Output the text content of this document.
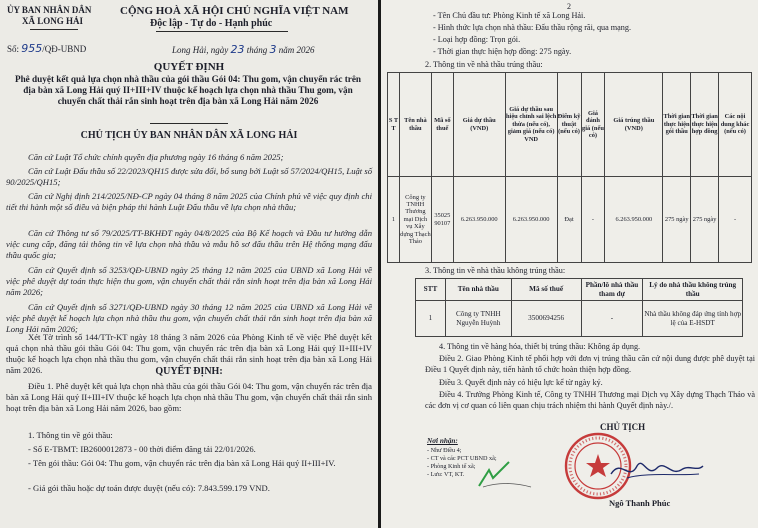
ỦY BAN NHÂN DÂN
XÃ LONG HẢI
CỘNG HOÀ XÃ HỘI CHỦ NGHĨA VIỆT NAM
Độc lập - Tự do - Hạnh phúc
Số: 955/QĐ-UBND	Long Hải, ngày 23 tháng 3 năm 2026
QUYẾT ĐỊNH
Phê duyệt kết quả lựa chọn nhà thầu của gói thầu Gói 04: Thu gom, vận chuyển rác trên địa bàn xã Long Hải quý II+III+IV thuộc kế hoạch lựa chọn nhà thầu Thu gom, vận chuyển chất thải rắn sinh hoạt trên địa bàn xã Long Hải năm 2026
CHỦ TỊCH ỦY BAN NHÂN DÂN XÃ LONG HẢI
Căn cứ Luật Tổ chức chính quyền địa phương ngày 16 tháng 6 năm 2025;
Căn cứ Luật Đấu thầu số 22/2023/QH15 được sửa đổi, bổ sung bởi Luật số 57/2024/QH15, Luật số 90/2025/QH15;
Căn cứ Nghị định 214/2025/NĐ-CP ngày 04 tháng 8 năm 2025 của Chính phủ về việc quy định chi tiết thi hành một số điều và biện pháp thi hành Luật Đấu thầu về lựa chọn nhà thầu;
Căn cứ Thông tư số 79/2025/TT-BKHĐT ngày 04/8/2025 của Bộ Kế hoạch và Đầu tư hướng dẫn việc cung cấp, đăng tải thông tin về lựa chọn nhà thầu và mẫu hồ sơ đấu thầu trên Hệ thống mạng đấu thầu quốc gia;
Căn cứ Quyết định số 3253/QĐ-UBND ngày 25 tháng 12 năm 2025 của UBND xã Long Hải về việc phê duyệt dự toán thực hiện thu gom, vận chuyển chất thải rắn sinh hoạt trên địa bàn xã Long Hải năm 2026;
Căn cứ Quyết định số 3271/QĐ-UBND ngày 30 tháng 12 năm 2025 của UBND xã Long Hải về việc phê duyệt kế hoạch lựa chọn nhà thầu thu gom, vận chuyển chất thải rắn sinh hoạt trên địa bàn xã Long Hải năm 2026;
Xét Tờ trình số 144/TTr-KT ngày 18 tháng 3 năm 2026 của Phòng Kinh tế về việc Phê duyệt kết quả chọn nhà thầu gói thầu Gói 04: Thu gom, vận chuyển rác trên địa bàn xã Long Hải quý II+III+IV thuộc kế hoạch lựa chọn nhà thầu thu gom, vận chuyển chất thải rắn sinh hoạt trên địa bàn xã Long Hải năm 2026.	QUYẾT ĐỊNH:
Điều 1. Phê duyệt kết quả lựa chọn nhà thầu của gói thầu Gói 04: Thu gom, vận chuyển rác trên địa bàn xã Long Hải quý II+III+IV thuộc kế hoạch lựa chọn nhà thầu Thu gom, vận chuyển chất thải rắn sinh hoạt trên địa bàn xã Long Hải năm 2026, bao gồm:
1. Thông tin về gói thầu:
- Số E-TBMT: IB2600012873 - 00 thời điểm đăng tải 22/01/2026.
- Tên gói thầu: Gói 04: Thu gom, vận chuyển rác trên địa bàn xã Long Hải quý II+III+IV.
- Giá gói thầu hoặc dự toán được duyệt (nếu có): 7.843.599.179 VND.
2
- Tên Chủ đầu tư: Phòng Kinh tế xã Long Hải.
- Hình thức lựa chọn nhà thầu: Đấu thầu rộng rãi, qua mạng.
- Loại hợp đồng: Trọn gói.
- Thời gian thực hiện hợp đồng: 275 ngày.
2. Thông tin về nhà thầu trúng thầu:
S T T	Tên nhà thầu	Mã số thuế	Giá dự thầu (VND)	Giá dự thầu sau hiệu chỉnh sai lệch thừa (nếu có), giảm giá (nếu có) VND	Điểm kỹ thuật (nếu có)	Giá đánh giá (nếu có)	Giá trúng thầu (VND)	Thời gian thực hiện gói thầu	Thời gian thực hiện hợp đồng	Các nội dung khác (nếu có)
1	Công ty TNHH Thương mại Dịch vụ Xây dựng Thạch Thảo	35025 90107	6.263.950.000	6.263.950.000	Đạt	-	6.263.950.000	275 ngày	275 ngày	-
3. Thông tin về nhà thầu không trúng thầu:
STT	Tên nhà thầu	Mã số thuế	Phần/lô nhà thầu tham dự	Lý do nhà thầu không trúng thầu
1	Công ty TNHH Nguyễn Huỳnh	3500694256	-	Nhà thầu không đáp ứng tính hợp lệ của E-HSDT
4. Thông tin về hàng hóa, thiết bị trúng thầu: Không áp dụng.
Điều 2. Giao Phòng Kinh tế phối hợp với đơn vị trúng thầu căn cứ nội dung được phê duyệt tại Điều 1 Quyết định này, tiến hành tổ chức hoàn thiện hợp đồng.
Điều 3. Quyết định này có hiệu lực kể từ ngày ký.
Điều 4. Trưởng Phòng Kinh tế, Công ty TNHH Thương mại Dịch vụ Xây dựng Thạch Thảo và các đơn vị cơ quan có liên quan chịu trách nhiệm thi hành Quyết định này./.
Nơi nhận:
- Như Điều 4;
- CT và các PCT UBND xã;
- Phòng Kinh tế xã;
- Lưu: VT, KT.
CHỦ TỊCH
Ngô Thanh Phúc
